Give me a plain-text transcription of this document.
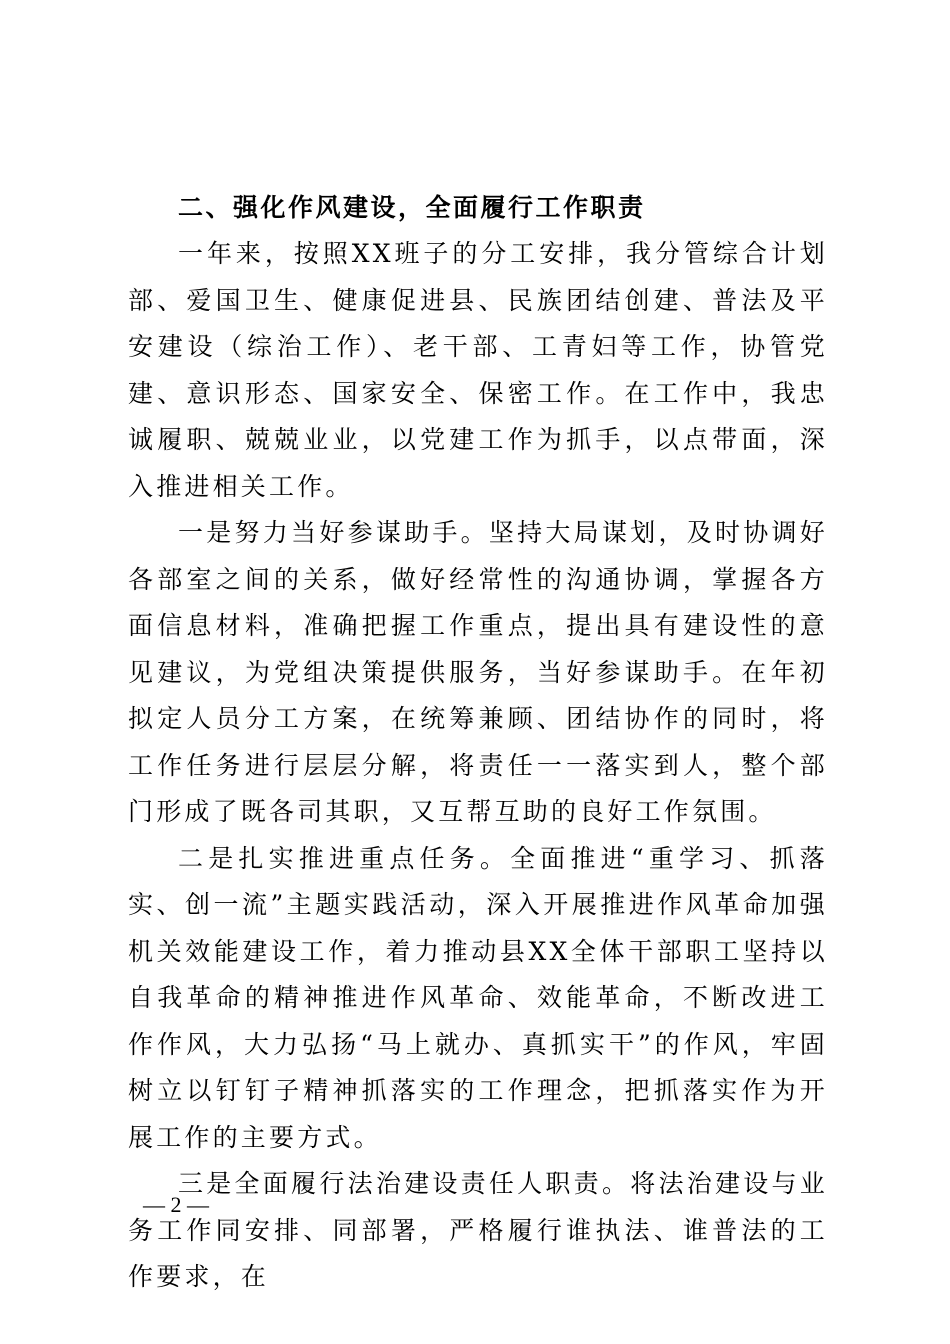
二、强化作风建设，全面履行工作职责

一年来，按照XX班子的分工安排，我分管综合计划部、爱国卫生、健康促进县、民族团结创建、普法及平安建设（综治工作）、老干部、工青妇等工作，协管党建、意识形态、国家安全、保密工作。在工作中，我忠诚履职、兢兢业业，以党建工作为抓手，以点带面，深入推进相关工作。

一是努力当好参谋助手。坚持大局谋划，及时协调好各部室之间的关系，做好经常性的沟通协调，掌握各方面信息材料，准确把握工作重点，提出具有建设性的意见建议，为党组决策提供服务，当好参谋助手。在年初拟定人员分工方案，在统筹兼顾、团结协作的同时，将工作任务进行层层分解，将责任一一落实到人，整个部门形成了既各司其职，又互帮互助的良好工作氛围。

二是扎实推进重点任务。全面推进“重学习、抓落实、创一流”主题实践活动，深入开展推进作风革命加强机关效能建设工作，着力推动县XX全体干部职工坚持以自我革命的精神推进作风革命、效能革命，不断改进工作作风，大力弘扬“马上就办、真抓实干”的作风，牢固树立以钉钉子精神抓落实的工作理念，把抓落实作为开展工作的主要方式。

三是全面履行法治建设责任人职责。将法治建设与业务工作同安排、同部署，严格履行谁执法、谁普法的工作要求，在

— 2 —
